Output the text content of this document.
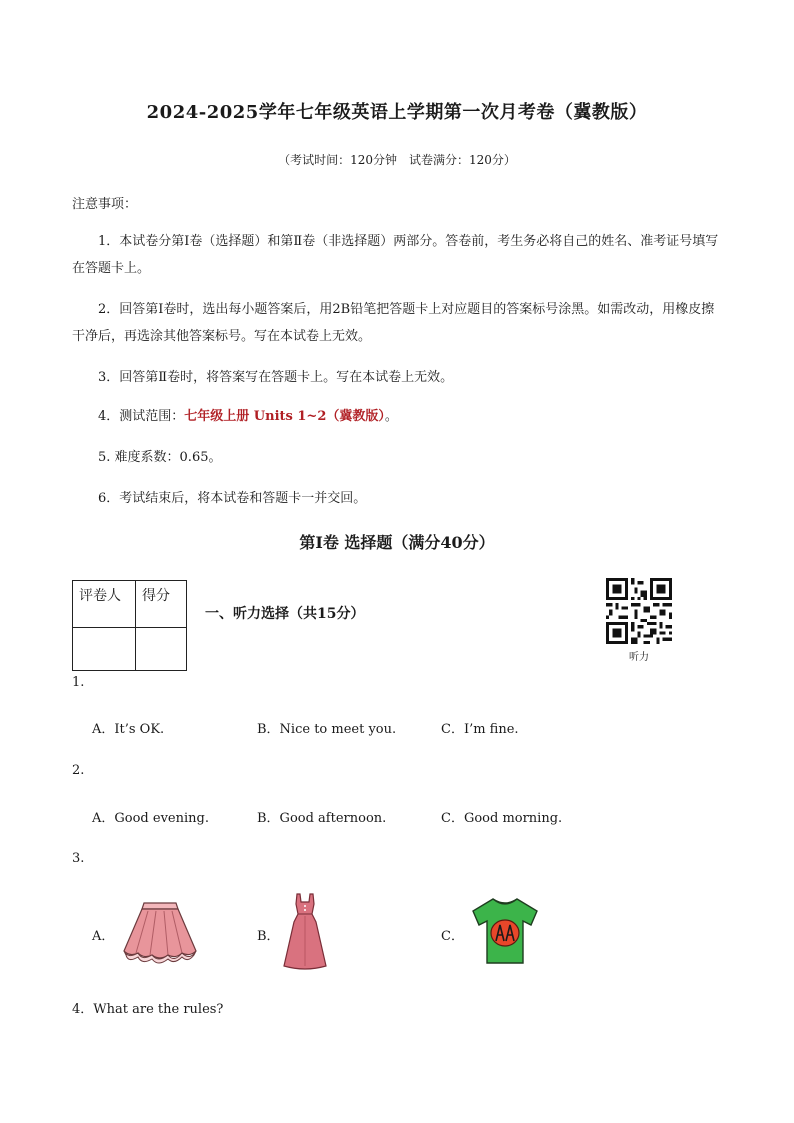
2024-2025学年七年级英语上学期第一次月考卷（冀教版）
（考试时间：120分钟　试卷满分：120分）
注意事项：
1．本试卷分第Ⅰ卷（选择题）和第Ⅱ卷（非选择题）两部分。答卷前，考生务必将自己的姓名、准考证号填写在答题卡上。
2．回答第Ⅰ卷时，选出每小题答案后，用2B铅笔把答题卡上对应题目的答案标号涂黑。如需改动，用橡皮擦干净后，再选涂其他答案标号。写在本试卷上无效。
3．回答第Ⅱ卷时，将答案写在答题卡上。写在本试卷上无效。
4．测试范围：七年级上册 Units 1~2（冀教版）。
5. 难度系数：0.65。
6．考试结束后，将本试卷和答题卡一并交回。
第Ⅰ卷 选择题（满分40分）
评卷人	得分

一、听力选择（共15分）
听力
1.
A．It’s OK.	B．Nice to meet you.	C．I’m fine.
2.
A．Good evening.	B．Good afternoon.	C．Good morning.
3.
A．	B．	C．
4．What are the rules?
